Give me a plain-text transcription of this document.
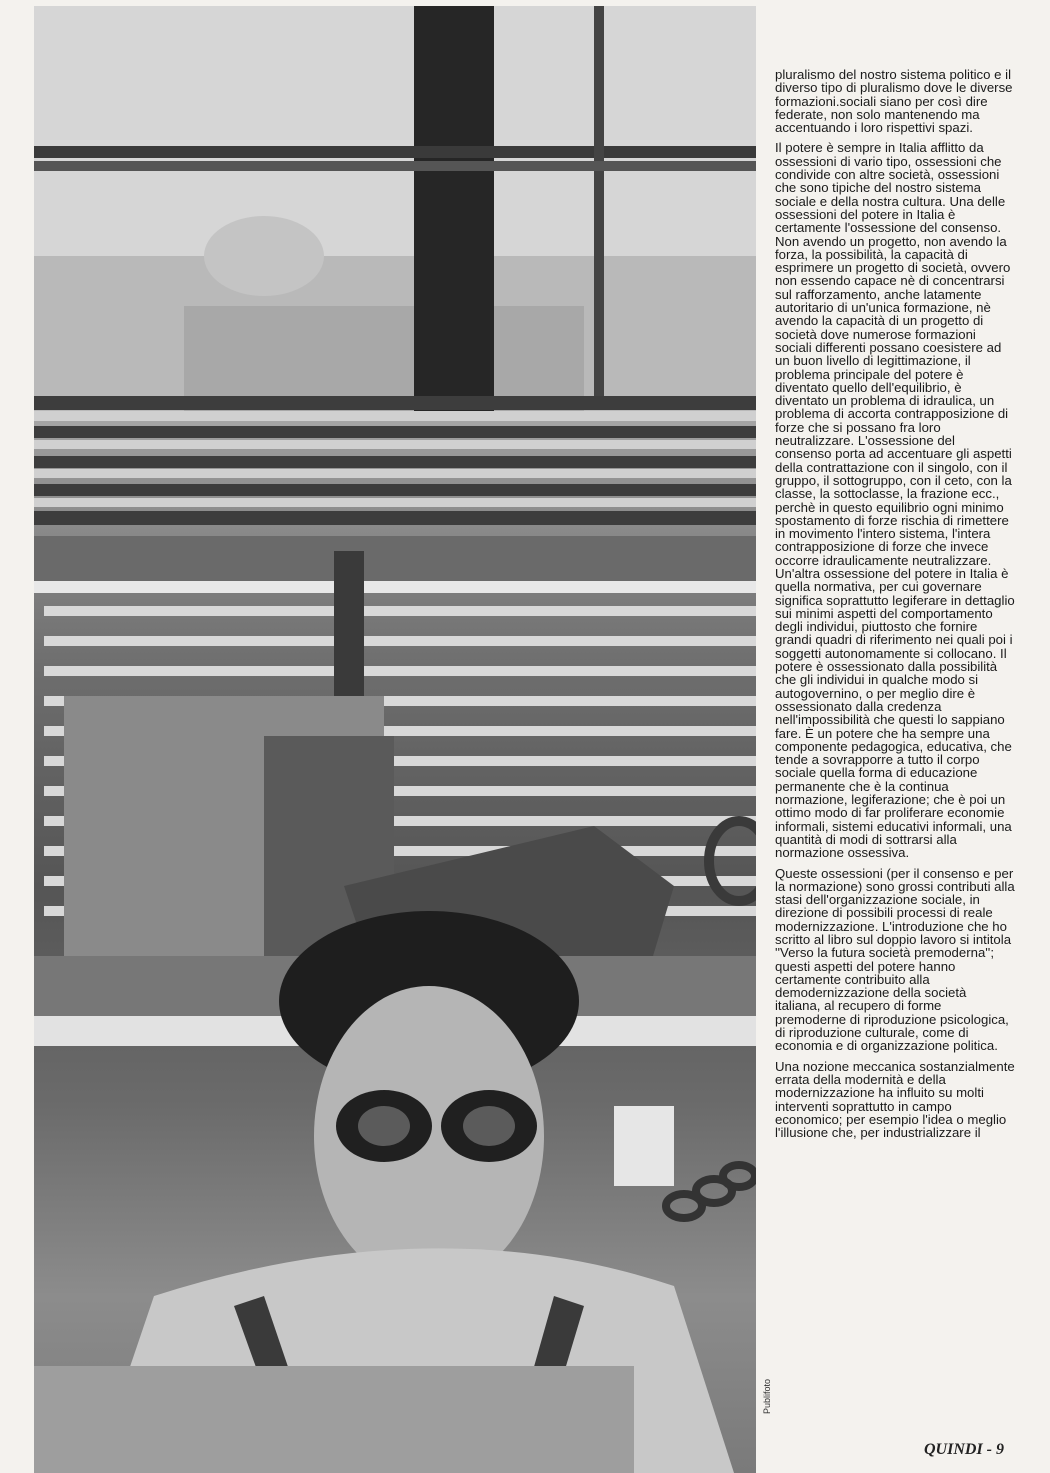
Publifoto

pluralismo del nostro sistema politico e il diverso tipo di pluralismo dove le diverse formazioni.sociali siano per così dire federate, non solo mantenendo ma accentuando i loro rispettivi spazi.

Il potere è sempre in Italia afflitto da ossessioni di vario tipo, ossessioni che condivide con altre società, ossessioni che sono tipiche del nostro sistema sociale e della nostra cultura. Una delle ossessioni del potere in Italia è certamente l'ossessione del consenso. Non avendo un progetto, non avendo la forza, la possibilità, la capacità di esprimere un progetto di società, ovvero non essendo capace nè di concentrarsi sul rafforzamento, anche latamente autoritario di un'unica formazione, nè avendo la capacità di un progetto di società dove numerose formazioni sociali differenti possano coesistere ad un buon livello di legittimazione, il problema principale del potere è diventato quello dell'equilibrio, è diventato un problema di idraulica, un problema di accorta contrapposizione di forze che si possano fra loro neutralizzare. L'ossessione del consenso porta ad accentuare gli aspetti della contrattazione con il singolo, con il gruppo, il sottogruppo, con il ceto, con la classe, la sottoclasse, la frazione ecc., perchè in questo equilibrio ogni minimo spostamento di forze rischia di rimettere in movimento l'intero sistema, l'intera contrapposizione di forze che invece occorre idraulicamente neutralizzare. Un'altra ossessione del potere in Italia è quella normativa, per cui governare significa soprattutto legiferare in dettaglio sui minimi aspetti del comportamento degli individui, piuttosto che fornire grandi quadri di riferimento nei quali poi i soggetti autonomamente si collocano. Il potere è ossessionato dalla possibilità che gli individui in qualche modo si autogovernino, o per meglio dire è ossessionato dalla credenza nell'impossibilità che questi lo sappiano fare. È un potere che ha sempre una componente pedagogica, educativa, che tende a sovrapporre a tutto il corpo sociale quella forma di educazione permanente che è la continua normazione, legiferazione; che è poi un ottimo modo di far proliferare economie informali, sistemi educativi informali, una quantità di modi di sottrarsi alla normazione ossessiva.

Queste ossessioni (per il consenso e per la normazione) sono grossi contributi alla stasi dell'organizzazione sociale, in direzione di possibili processi di reale modernizzazione. L'introduzione che ho scritto al libro sul doppio lavoro si intitola ''Verso la futura società premoderna''; questi aspetti del potere hanno certamente contribuito alla demodernizzazione della società italiana, al recupero di forme premoderne di riproduzione psicologica, di riproduzione culturale, come di economia e di organizzazione politica.

Una nozione meccanica sostanzialmente errata della modernità e della modernizzazione ha influito su molti interventi soprattutto in campo economico; per esempio l'idea o meglio l'illusione che, per industrializzare il

QUINDI - 9
